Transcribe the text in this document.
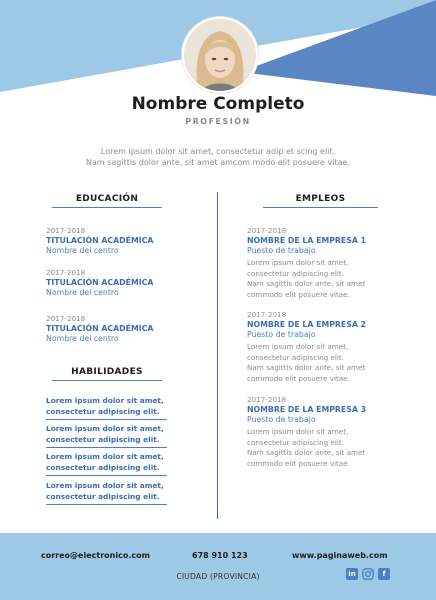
Nombre Completo
PROFESIÓN
Lorem ipsum dolor sit amet, consectetur adip et scing elit.
Nam sagittis dolor ante, sit amet amcom modo elit posuere vitae.
EDUCACIÓN	EMPLEOS
2017-2018
TITULACIÓN ACADÉMICA
Nombre del centro
2017-2018
TITULACIÓN ACADÉMICA
Nombre del centro
2017-2018
TITULACIÓN ACADÉMICA
Nombre del centro
HABILIDADES
Lorem ipsum dolor sit amet,
consectetur adipiscing elit.
Lorem ipsum dolor sit amet,
consectetur adipiscing elit.
Lorem ipsum dolor sit amet,
consectetur adipiscing elit.
Lorem ipsum dolor sit amet,
consectetur adipiscing elit.
2017-2018
NOMBRE DE LA EMPRESA 1
Puesto de trabajo
Lorem ipsum dolor sit amet,
consectetur adipiscing elit.
Nam sagittis dolor ante, sit amet
commodo elit posuere vitae.
2017-2018
NOMBRE DE LA EMPRESA 2
Puesto de trabajo
Lorem ipsum dolor sit amet,
consectetur adipiscing elit.
Nam sagittis dolor ante, sit amet
commodo elit posuere vitae.
2017-2018
NOMBRE DE LA EMPRESA 3
Puesto de trabajo
Lorem ipsum dolor sit amet,
consectetur adipiscing elit.
Nam sagittis dolor ante, sit amet
commodo elit posuere vitae.
correo@electronico.com	678 910 123	www.paginaweb.com
CIUDAD (PROVINCIA)	in	f
